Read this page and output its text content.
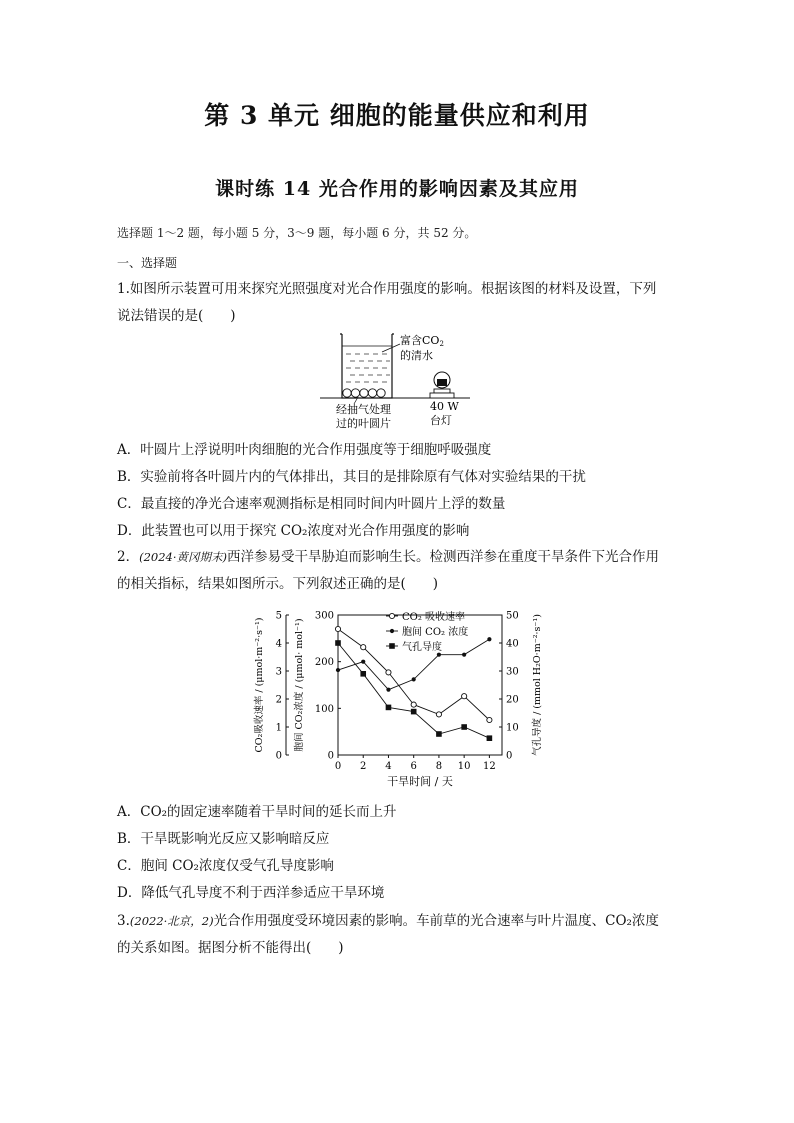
第 3 单元 细胞的能量供应和利用
课时练 14 光合作用的影响因素及其应用
选择题 1～2 题，每小题 5 分，3～9 题，每小题 6 分，共 52 分。
一、选择题
1.如图所示装置可用来探究光照强度对光合作用强度的影响。根据该图的材料及设置，下列
说法错误的是(　　)
富含CO2
的清水
经抽气处理
过的叶圆片
40 W
台灯
A．叶圆片上浮说明叶肉细胞的光合作用强度等于细胞呼吸强度
B．实验前将各叶圆片内的气体排出，其目的是排除原有气体对实验结果的干扰
C．最直接的净光合速率观测指标是相同时间内叶圆片上浮的数量
D．此装置也可以用于探究 CO₂浓度对光合作用强度的影响
2．(2024·黄冈期末)西洋参易受干旱胁迫而影响生长。检测西洋参在重度干旱条件下光合作用
的相关指标，结果如图所示。下列叙述正确的是(　　)
0 2 4 6 8 10 12
干旱时间 / 天
0
1
2
3
4
5
CO₂吸收速率 / (μmol·m⁻²·s⁻¹)
0
100
200
300
胞间 CO₂浓度 / (μmol· mol⁻¹)
0
10
20
30
40
50 气孔导度 / (mmol H₂O·m⁻²·s⁻¹)
CO₂ 吸收速率
胞间 CO₂ 浓度
气孔导度
A．CO₂的固定速率随着干旱时间的延长而上升
B．干旱既影响光反应又影响暗反应
C．胞间 CO₂浓度仅受气孔导度影响
D．降低气孔导度不利于西洋参适应干旱环境
3.(2022·北京，2)光合作用强度受环境因素的影响。车前草的光合速率与叶片温度、CO₂浓度
的关系如图。据图分析不能得出(　　)
